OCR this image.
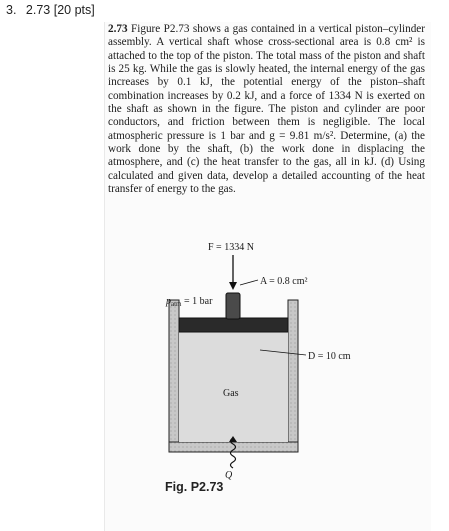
3. 2.73 [20 pts]
2.73 Figure P2.73 shows a gas contained in a vertical piston–cylinder assembly. A vertical shaft whose cross-sectional area is 0.8 cm² is attached to the top of the piston. The total mass of the piston and shaft is 25 kg. While the gas is slowly heated, the internal energy of the gas increases by 0.1 kJ, the potential energy of the piston–shaft combination increases by 0.2 kJ, and a force of 1334 N is exerted on the shaft as shown in the figure. The piston and cylinder are poor conductors, and friction between them is negligible. The local atmospheric pressure is 1 bar and g = 9.81 m/s². Determine, (a) the work done by the shaft, (b) the work done in displacing the atmosphere, and (c) the heat transfer to the gas, all in kJ. (d) Using calculated and given data, develop a detailed accounting of the heat transfer of energy to the gas.
F = 1334 N
A = 0.8 cm²
$p_{atm} = 1$ bar
D = 10 cm
Gas
Q
Fig. P2.73
